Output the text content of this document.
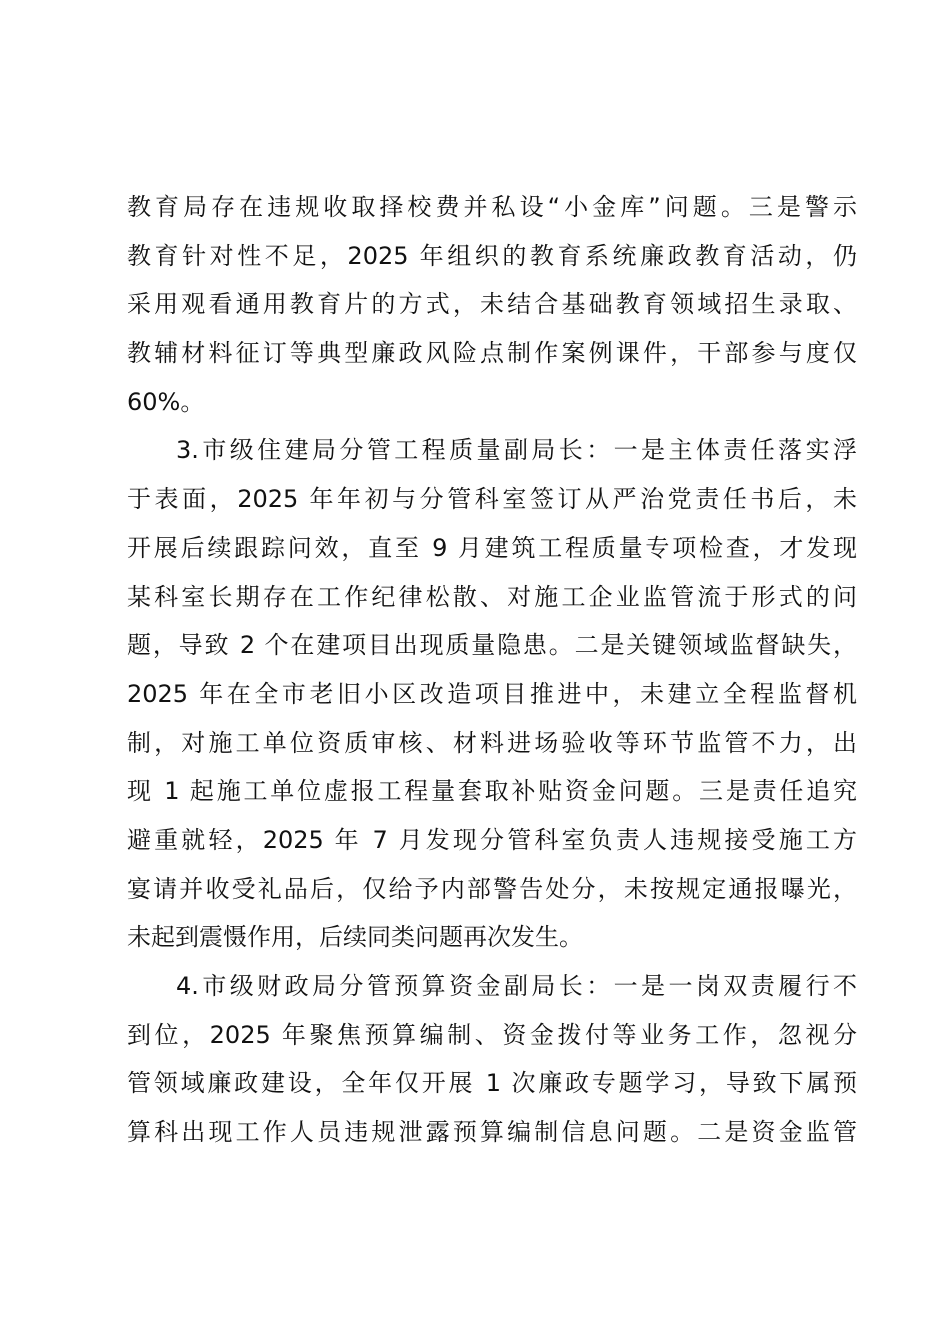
教育局存在违规收取择校费并私设“小金库”问题。三是警示
教育针对性不足，2025 年组织的教育系统廉政教育活动，仍
采用观看通用教育片的方式，未结合基础教育领域招生录取、
教辅材料征订等典型廉政风险点制作案例课件，干部参与度仅
60%。
3.市级住建局分管工程质量副局长：一是主体责任落实浮
于表面，2025 年年初与分管科室签订从严治党责任书后，未
开展后续跟踪问效，直至 9 月建筑工程质量专项检查，才发现
某科室长期存在工作纪律松散、对施工企业监管流于形式的问
题，导致 2 个在建项目出现质量隐患。二是关键领域监督缺失，
2025 年在全市老旧小区改造项目推进中，未建立全程监督机
制，对施工单位资质审核、材料进场验收等环节监管不力，出
现 1 起施工单位虚报工程量套取补贴资金问题。三是责任追究
避重就轻，2025 年 7 月发现分管科室负责人违规接受施工方
宴请并收受礼品后，仅给予内部警告处分，未按规定通报曝光，
未起到震慑作用，后续同类问题再次发生。
4.市级财政局分管预算资金副局长：一是一岗双责履行不
到位，2025 年聚焦预算编制、资金拨付等业务工作，忽视分
管领域廉政建设，全年仅开展 1 次廉政专题学习，导致下属预
算科出现工作人员违规泄露预算编制信息问题。二是资金监管
